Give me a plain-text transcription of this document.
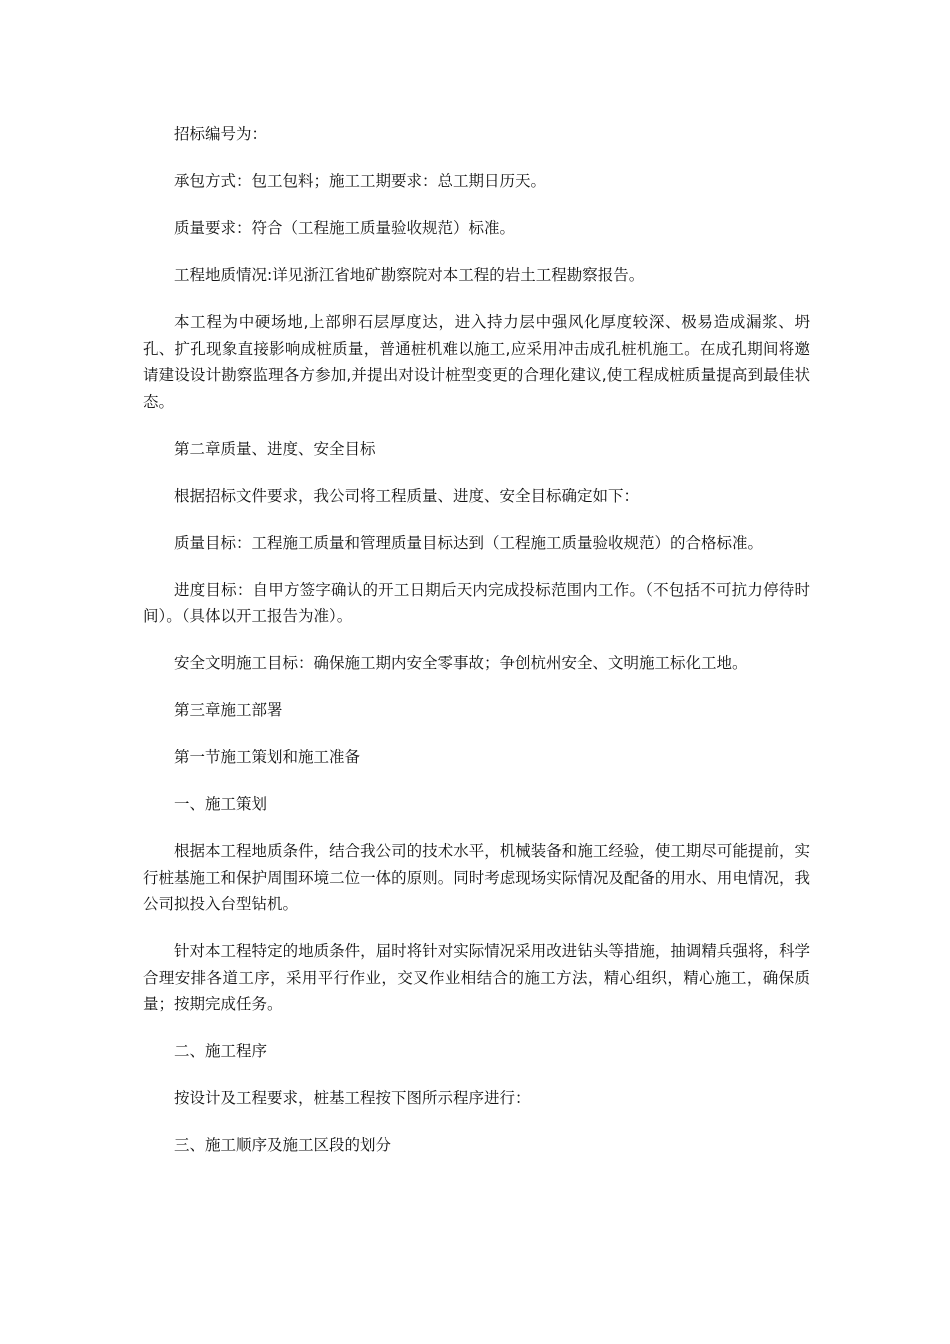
招标编号为：

承包方式：包工包料；施工工期要求：总工期日历天。

质量要求：符合（工程施工质量验收规范）标准。

工程地质情况:详见浙江省地矿勘察院对本工程的岩土工程勘察报告。

本工程为中硬场地,上部卵石层厚度达，进入持力层中强风化厚度较深、极易造成漏浆、坍孔、扩孔现象直接影响成桩质量，普通桩机难以施工,应采用冲击成孔桩机施工。在成孔期间将邀请建设设计勘察监理各方参加,并提出对设计桩型变更的合理化建议,使工程成桩质量提高到最佳状态。

第二章质量、进度、安全目标

根据招标文件要求，我公司将工程质量、进度、安全目标确定如下：

质量目标：工程施工质量和管理质量目标达到（工程施工质量验收规范）的合格标准。

进度目标：自甲方签字确认的开工日期后天内完成投标范围内工作。（不包括不可抗力停待时间）。（具体以开工报告为准）。

安全文明施工目标：确保施工期内安全零事故；争创杭州安全、文明施工标化工地。

第三章施工部署

第一节施工策划和施工准备

一、施工策划

根据本工程地质条件，结合我公司的技术水平，机械装备和施工经验，使工期尽可能提前，实行桩基施工和保护周围环境二位一体的原则。同时考虑现场实际情况及配备的用水、用电情况，我公司拟投入台型钻机。

针对本工程特定的地质条件，届时将针对实际情况采用改进钻头等措施，抽调精兵强将，科学合理安排各道工序，采用平行作业，交叉作业相结合的施工方法，精心组织，精心施工，确保质量；按期完成任务。

二、施工程序

按设计及工程要求，桩基工程按下图所示程序进行：

三、施工顺序及施工区段的划分
